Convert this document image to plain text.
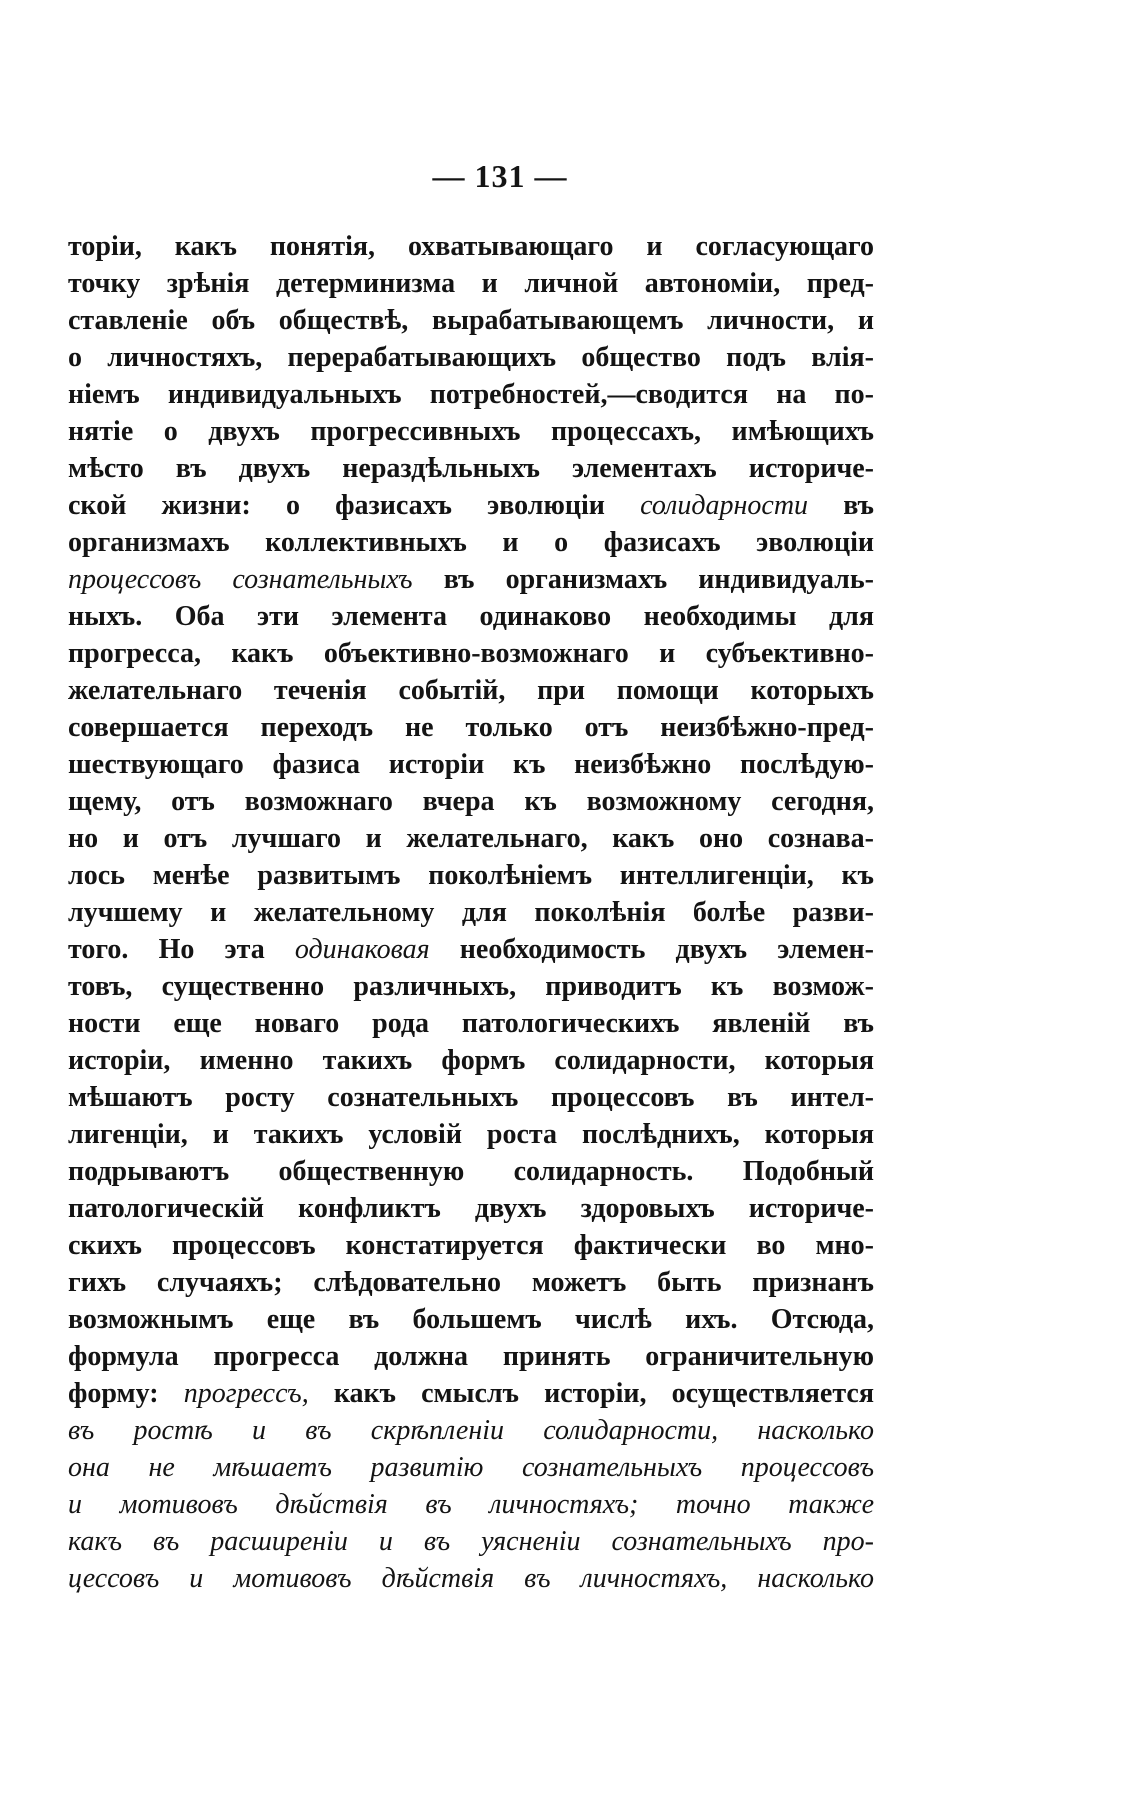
— 131 —
торіи, какъ понятія, охватывающаго и согласующаго
точку зрѣнія детерминизма и личной автономіи, пред-
ставленіе объ обществѣ, вырабатывающемъ личности, и
о личностяхъ, перерабатывающихъ общество подъ влія-
ніемъ индивидуальныхъ потребностей,—сводится на по-
нятіе о двухъ прогрессивныхъ процессахъ, имѣющихъ
мѣсто въ двухъ нераздѣльныхъ элементахъ историче-
ской жизни: о фазисахъ эволюціи солидарности въ
организмахъ коллективныхъ и о фазисахъ эволюціи
процессовъ сознательныхъ въ организмахъ индивидуаль-
ныхъ. Оба эти элемента одинаково необходимы для
прогресса, какъ объективно-возможнаго и субъективно-
желательнаго теченія событій, при помощи которыхъ
совершается переходъ не только отъ неизбѣжно-пред-
шествующаго фазиса исторіи къ неизбѣжно послѣдую-
щему, отъ возможнаго вчера къ возможному сегодня,
но и отъ лучшаго и желательнаго, какъ оно сознава-
лось менѣе развитымъ поколѣніемъ интеллигенціи, къ
лучшему и желательному для поколѣнія болѣе разви-
того. Но эта одинаковая необходимость двухъ элемен-
товъ, существенно различныхъ, приводитъ къ возмож-
ности еще новаго рода патологическихъ явленій въ
исторіи, именно такихъ формъ солидарности, которыя
мѣшаютъ росту сознательныхъ процессовъ въ интел-
лигенціи, и такихъ условій роста послѣднихъ, которыя
подрываютъ общественную солидарность. Подобный
патологическій конфликтъ двухъ здоровыхъ историче-
скихъ процессовъ констатируется фактически во мно-
гихъ случаяхъ; слѣдовательно можетъ быть признанъ
возможнымъ еще въ большемъ числѣ ихъ. Отсюда,
формула прогресса должна принять ограничительную
форму: прогрессъ, какъ смыслъ исторіи, осуществляется
въ ростѣ и въ скрѣпленіи солидарности, насколько
она не мѣшаетъ развитію сознательныхъ процессовъ
и мотивовъ дѣйствія въ личностяхъ; точно также
какъ въ расширеніи и въ уясненіи сознательныхъ про-
цессовъ и мотивовъ дѣйствія въ личностяхъ, насколько
